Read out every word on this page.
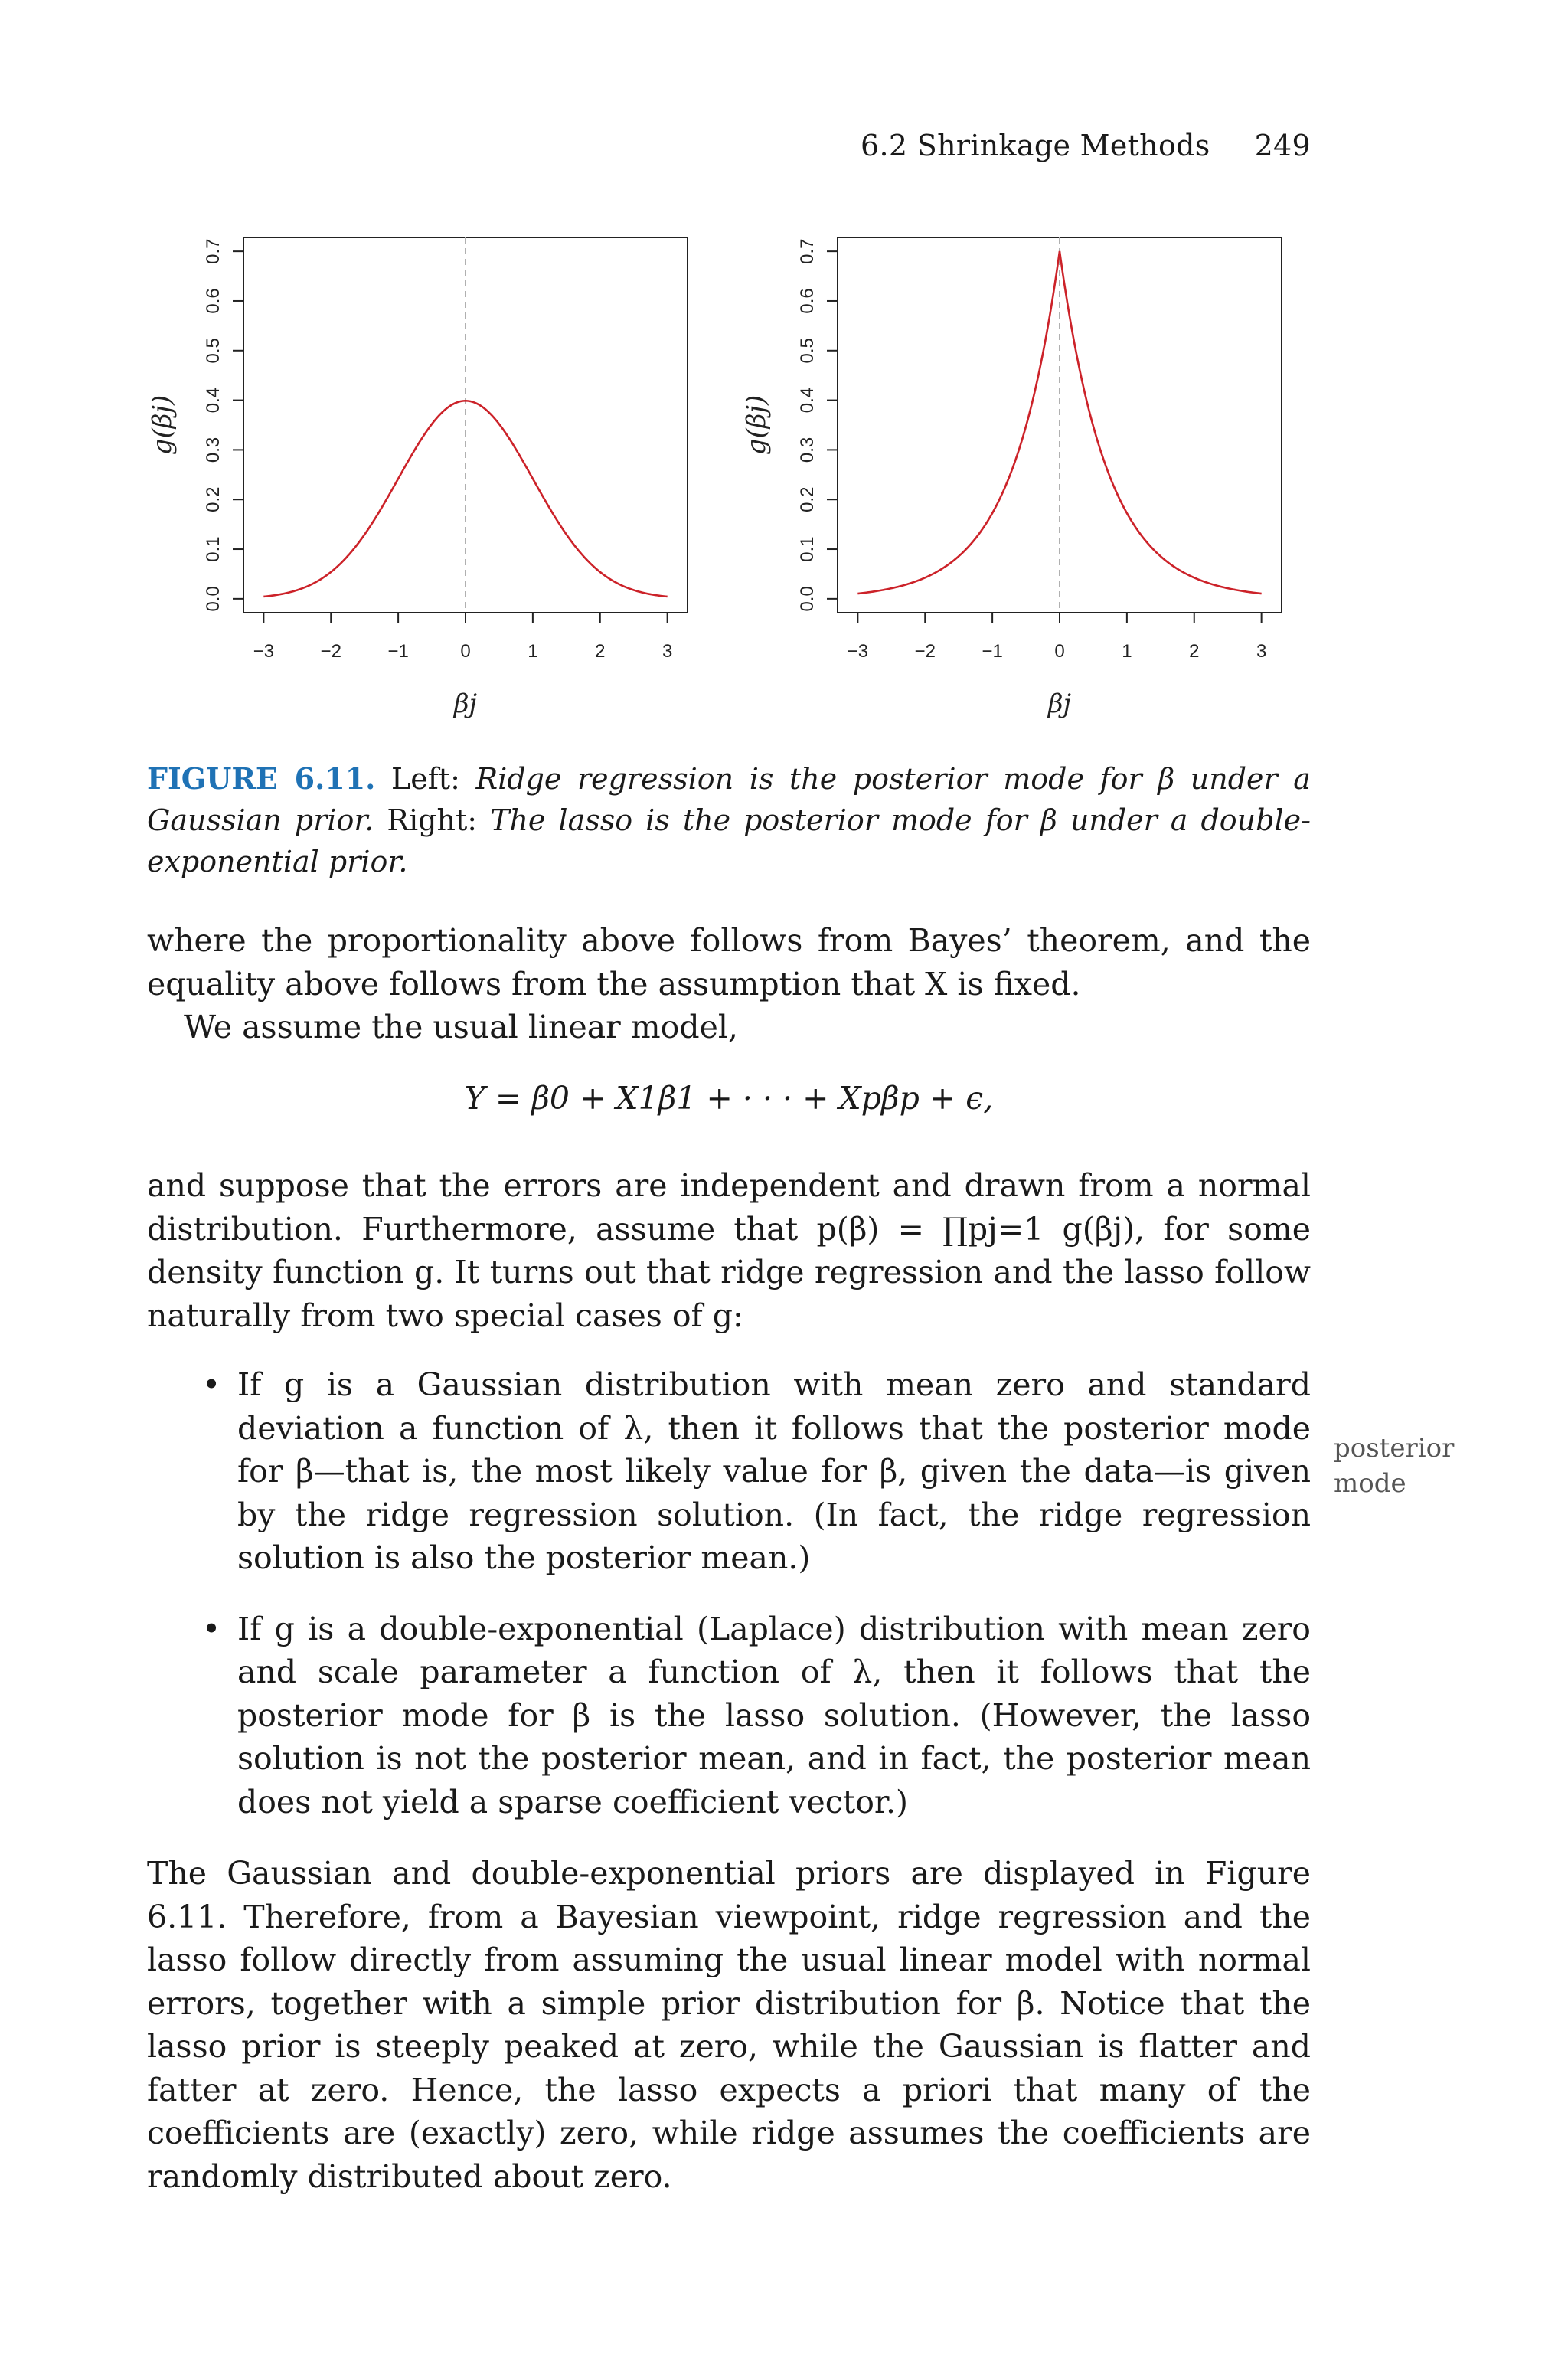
6.2 Shrinkage Methods 249
−3	−2	−1	0	1	2	3
0.0
0.1
0.2
0.3
0.4
0.5
0.6
0.7
βj
g(βj)
−3	−2	−1	0	1	2	3
0.0
0.1
0.2
0.3
0.4
0.5
0.6
0.7
βj
g(βj)
FIGURE 6.11. Left: Ridge regression is the posterior mode for β under a Gaussian prior. Right: The lasso is the posterior mode for β under a double-exponential prior.

where the proportionality above follows from Bayes’ theorem, and the equality above follows from the assumption that X is fixed.

We assume the usual linear model,

Y = β0 + X1β1 + · · · + Xpβp + ϵ,

and suppose that the errors are independent and drawn from a normal distribution. Furthermore, assume that p(β) = ∏pj=1 g(βj), for some density function g. It turns out that ridge regression and the lasso follow naturally from two special cases of g:

• If g is a Gaussian distribution with mean zero and standard deviation a function of λ, then it follows that the posterior mode for β—that is, the most likely value for β, given the data—is given by the ridge regression solution. (In fact, the ridge regression solution is also the posterior mean.)
• If g is a double-exponential (Laplace) distribution with mean zero and scale parameter a function of λ, then it follows that the posterior mode for β is the lasso solution. (However, the lasso solution is not the posterior mean, and in fact, the posterior mean does not yield a sparse coefficient vector.)
posterior
mode

The Gaussian and double-exponential priors are displayed in Figure 6.11. Therefore, from a Bayesian viewpoint, ridge regression and the lasso follow directly from assuming the usual linear model with normal errors, together with a simple prior distribution for β. Notice that the lasso prior is steeply peaked at zero, while the Gaussian is flatter and fatter at zero. Hence, the lasso expects a priori that many of the coefficients are (exactly) zero, while ridge assumes the coefficients are randomly distributed about zero.
